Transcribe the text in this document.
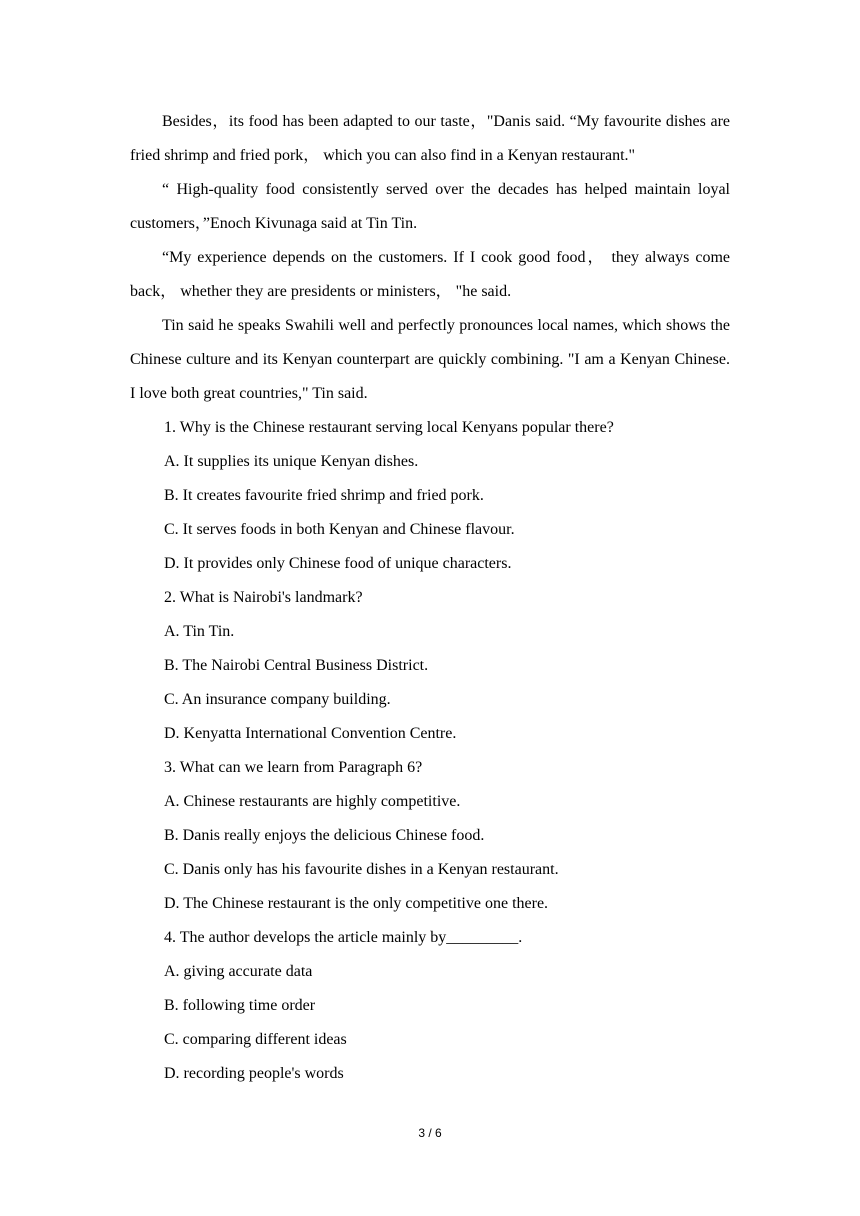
Besides，its food has been adapted to our taste，"Danis said. “My favourite dishes are fried shrimp and fried pork， which you can also find in a Kenyan restaurant."

“ High-quality food consistently served over the decades has helped maintain loyal customers，”Enoch Kivunaga said at Tin Tin.

“My experience depends on the customers. If I cook good food， they always come back， whether they are presidents or ministers， "he said.

Tin said he speaks Swahili well and perfectly pronounces local names, which shows the Chinese culture and its Kenyan counterpart are quickly combining. "I am a Kenyan Chinese. I love both great countries," Tin said.

1. Why is the Chinese restaurant serving local Kenyans popular there?

A. It supplies its unique Kenyan dishes.

B. It creates favourite fried shrimp and fried pork.

C. It serves foods in both Kenyan and Chinese flavour.

D. It provides only Chinese food of unique characters.

2. What is Nairobi's landmark?

A. Tin Tin.

B. The Nairobi Central Business District.

C. An insurance company building.

D. Kenyatta International Convention Centre.

3. What can we learn from Paragraph 6?

A. Chinese restaurants are highly competitive.

B. Danis really enjoys the delicious Chinese food.

C. Danis only has his favourite dishes in a Kenyan restaurant.

D. The Chinese restaurant is the only competitive one there.

4. The author develops the article mainly by_________.

A. giving accurate data

B. following time order

C. comparing different ideas

D. recording people's words

3 / 6
